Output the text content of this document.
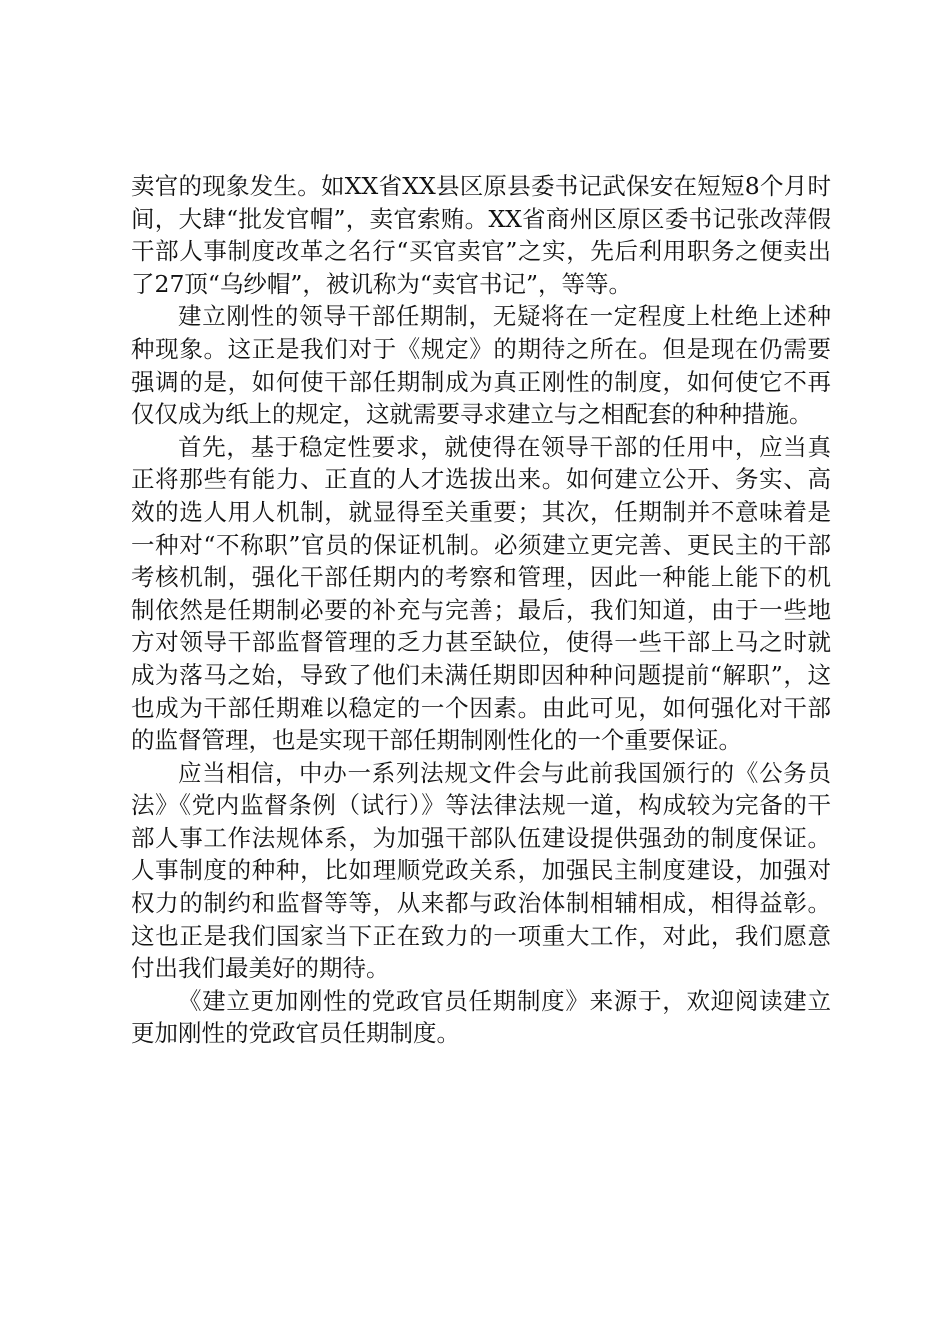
卖官的现象发生。如XX省XX县区原县委书记武保安在短短8个月时间，大肆“批发官帽”，卖官索贿。XX省商州区原区委书记张改萍假干部人事制度改革之名行“买官卖官”之实，先后利用职务之便卖出了27顶“乌纱帽”，被讥称为“卖官书记”，等等。

建立刚性的领导干部任期制，无疑将在一定程度上杜绝上述种种现象。这正是我们对于《规定》的期待之所在。但是现在仍需要强调的是，如何使干部任期制成为真正刚性的制度，如何使它不再仅仅成为纸上的规定，这就需要寻求建立与之相配套的种种措施。

首先，基于稳定性要求，就使得在领导干部的任用中，应当真正将那些有能力、正直的人才选拔出来。如何建立公开、务实、高效的选人用人机制，就显得至关重要；其次，任期制并不意味着是一种对“不称职”官员的保证机制。必须建立更完善、更民主的干部考核机制，强化干部任期内的考察和管理，因此一种能上能下的机制依然是任期制必要的补充与完善；最后，我们知道，由于一些地方对领导干部监督管理的乏力甚至缺位，使得一些干部上马之时就成为落马之始，导致了他们未满任期即因种种问题提前“解职”，这也成为干部任期难以稳定的一个因素。由此可见，如何强化对干部的监督管理，也是实现干部任期制刚性化的一个重要保证。

应当相信，中办一系列法规文件会与此前我国颁行的《公务员法》《党内监督条例（试行）》等法律法规一道，构成较为完备的干部人事工作法规体系，为加强干部队伍建设提供强劲的制度保证。人事制度的种种，比如理顺党政关系，加强民主制度建设，加强对权力的制约和监督等等，从来都与政治体制相辅相成，相得益彰。这也正是我们国家当下正在致力的一项重大工作，对此，我们愿意付出我们最美好的期待。

《建立更加刚性的党政官员任期制度》来源于，欢迎阅读建立更加刚性的党政官员任期制度。
